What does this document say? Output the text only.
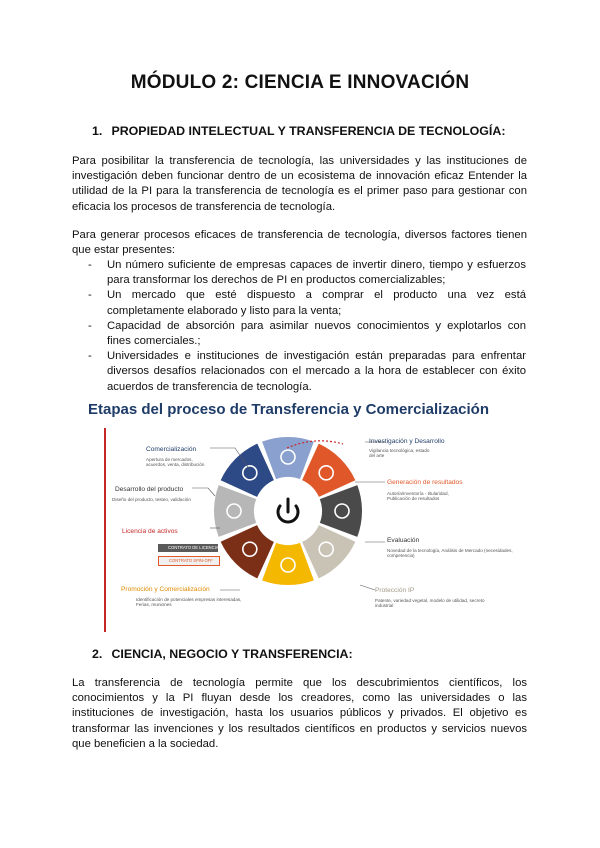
MÓDULO 2: CIENCIA E INNOVACIÓN
1. PROPIEDAD INTELECTUAL Y TRANSFERENCIA DE TECNOLOGÍA:
Para posibilitar la transferencia de tecnología, las universidades y las instituciones de investigación deben funcionar dentro de un ecosistema de innovación eficaz Entender la utilidad de la PI para la transferencia de tecnología es el primer paso para gestionar con eficacia los procesos de transferencia de tecnología.
Para generar procesos eficaces de transferencia de tecnología, diversos factores tienen que estar presentes:
- Un número suficiente de empresas capaces de invertir dinero, tiempo y esfuerzos para transformar los derechos de PI en productos comercializables;
- Un mercado que esté dispuesto a comprar el producto una vez está completamente elaborado y listo para la venta;
- Capacidad de absorción para asimilar nuevos conocimientos y explotarlos con fines comerciales.;
- Universidades e instituciones de investigación están preparadas para enfrentar diversos desafíos relacionados con el mercado a la hora de establecer con éxito acuerdos de transferencia de tecnología.
Etapas del proceso de Transferencia y Comercialización
Comercialización
Apertura de mercados, acuerdos, venta, distribución
Investigación y Desarrollo
Vigilancia tecnológica, estado del arte
Generación de resultados
Autoría/Inventoría - titularidad, Publicación de resultados
Evaluación
Novedad de la tecnología, Análisis de Mercado (necesidades, competencia)
Protección IP
Patente, variedad vegetal, modelo de utilidad, secreto industrial
Promoción y Comercialización
Identificación de potenciales empresas interesadas, Ferias, reuniones
Licencia de activos
Desarrollo del producto
Diseño del producto, testeo, validación
CONTRATO DE LICENCIA
CONTRATO SPIN-OFF
2. CIENCIA, NEGOCIO Y TRANSFERENCIA:
La transferencia de tecnología permite que los descubrimientos científicos, los conocimientos y la PI fluyan desde los creadores, como las universidades o las instituciones de investigación, hasta los usuarios públicos y privados. El objetivo es transformar las invenciones y los resultados científicos en productos y servicios nuevos que beneficien a la sociedad.
